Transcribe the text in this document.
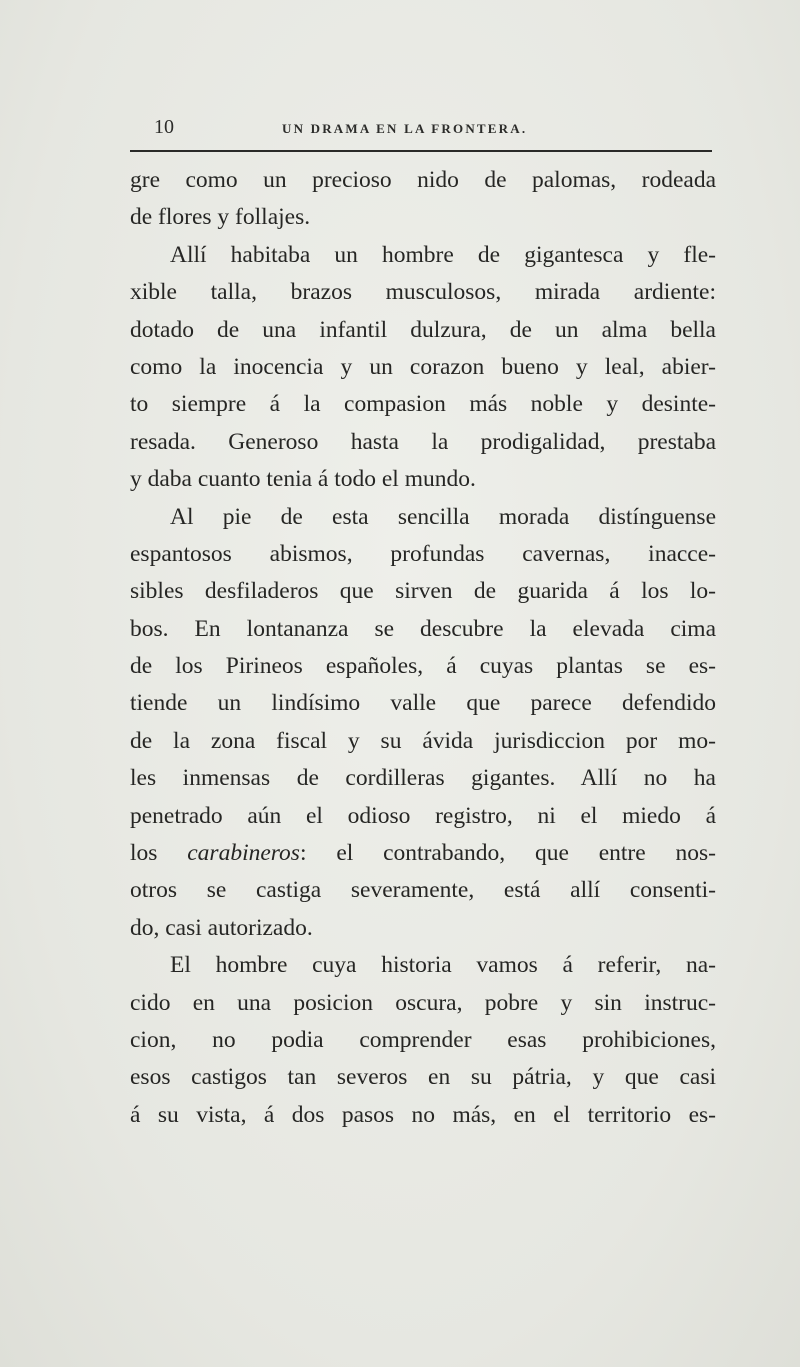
10	UN DRAMA EN LA FRONTERA.
gre como un precioso nido de palomas, rodeada
de flores y follajes.
Allí habitaba un hombre de gigantesca y fle-
xible talla, brazos musculosos, mirada ardiente:
dotado de una infantil dulzura, de un alma bella
como la inocencia y un corazon bueno y leal, abier-
to siempre á la compasion más noble y desinte-
resada. Generoso hasta la prodigalidad, prestaba
y daba cuanto tenia á todo el mundo.
Al pie de esta sencilla morada distínguense
espantosos abismos, profundas cavernas, inacce-
sibles desfiladeros que sirven de guarida á los lo-
bos. En lontananza se descubre la elevada cima
de los Pirineos españoles, á cuyas plantas se es-
tiende un lindísimo valle que parece defendido
de la zona fiscal y su ávida jurisdiccion por mo-
les inmensas de cordilleras gigantes. Allí no ha
penetrado aún el odioso registro, ni el miedo á
los carabineros: el contrabando, que entre nos-
otros se castiga severamente, está allí consenti-
do, casi autorizado.
El hombre cuya historia vamos á referir, na-
cido en una posicion oscura, pobre y sin instruc-
cion, no podia comprender esas prohibiciones,
esos castigos tan severos en su pátria, y que casi
á su vista, á dos pasos no más, en el territorio es-
